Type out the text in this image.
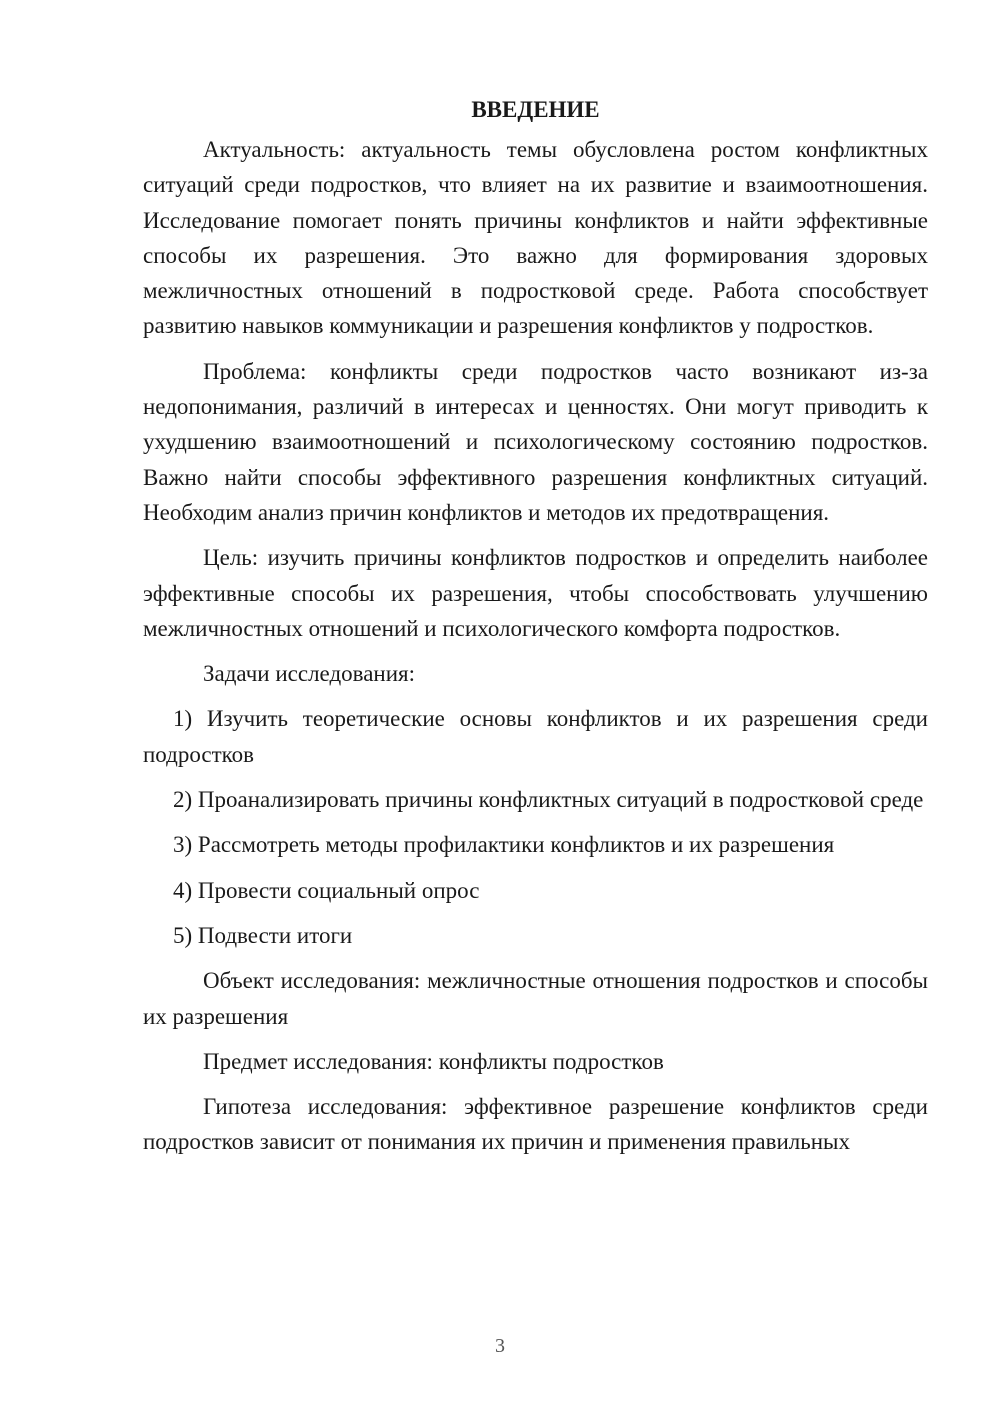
ВВЕДЕНИЕ

Актуальность: актуальность темы обусловлена ростом конфликтных ситуаций среди подростков, что влияет на их развитие и взаимоотношения. Исследование помогает понять причины конфликтов и найти эффективные способы их разрешения. Это важно для формирования здоровых межличностных отношений в подростковой среде. Работа способствует развитию навыков коммуникации и разрешения конфликтов у подростков.

Проблема: конфликты среди подростков часто возникают из-за недопонимания, различий в интересах и ценностях. Они могут приводить к ухудшению взаимоотношений и психологическому состоянию подростков. Важно найти способы эффективного разрешения конфликтных ситуаций. Необходим анализ причин конфликтов и методов их предотвращения.

Цель: изучить причины конфликтов подростков и определить наиболее эффективные способы их разрешения, чтобы способствовать улучшению межличностных отношений и психологического комфорта подростков.

Задачи исследования:

1) Изучить теоретические основы конфликтов и их разрешения среди подростков

2) Проанализировать причины конфликтных ситуаций в подростковой среде

3) Рассмотреть методы профилактики конфликтов и их разрешения

4) Провести социальный опрос

5) Подвести итоги

Объект исследования: межличностные отношения подростков и способы их разрешения

Предмет исследования: конфликты подростков

Гипотеза исследования: эффективное разрешение конфликтов среди подростков зависит от понимания их причин и применения правильных

3
